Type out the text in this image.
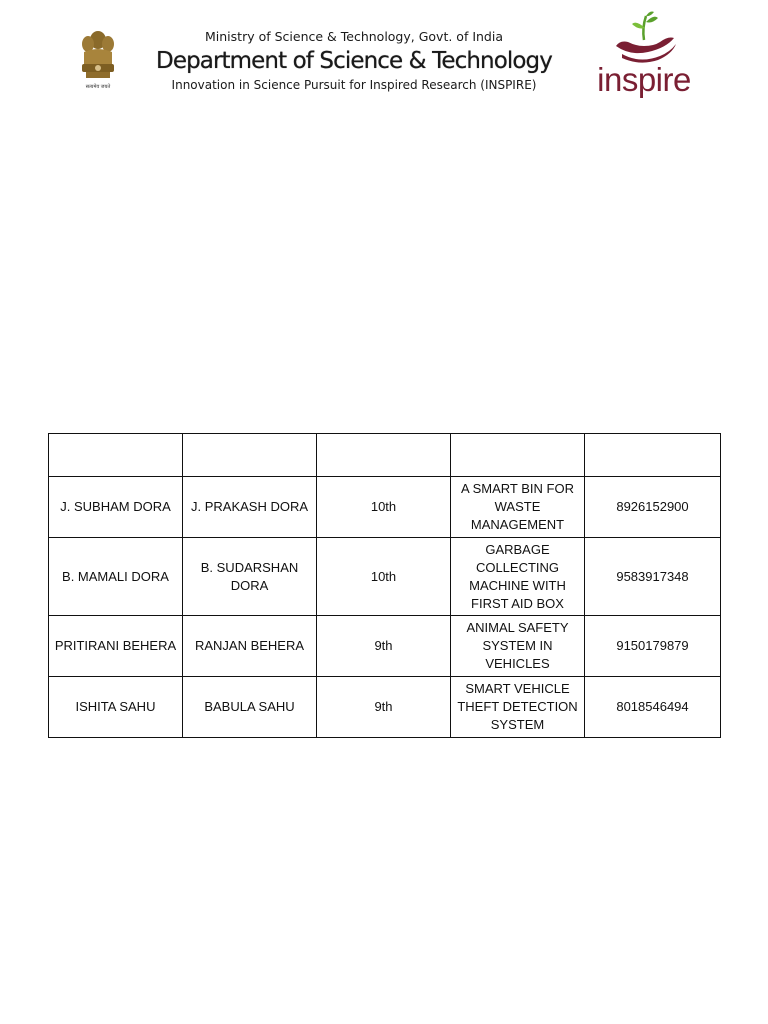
सत्यमेव जयते
Ministry of Science & Technology, Govt. of India
Department of Science & Technology
Innovation in Science Pursuit for Inspired Research (INSPIRE)	inspire

J. SUBHAM DORA	J. PRAKASH DORA	10th	A SMART BIN FOR WASTE MANAGEMENT	8926152900
B. MAMALI DORA	B. SUDARSHAN DORA	10th	GARBAGE COLLECTING MACHINE WITH FIRST AID BOX	9583917348
PRITIRANI BEHERA	RANJAN BEHERA	9th	ANIMAL SAFETY SYSTEM IN VEHICLES	9150179879
ISHITA SAHU	BABULA SAHU	9th	SMART VEHICLE THEFT DETECTION SYSTEM	8018546494
